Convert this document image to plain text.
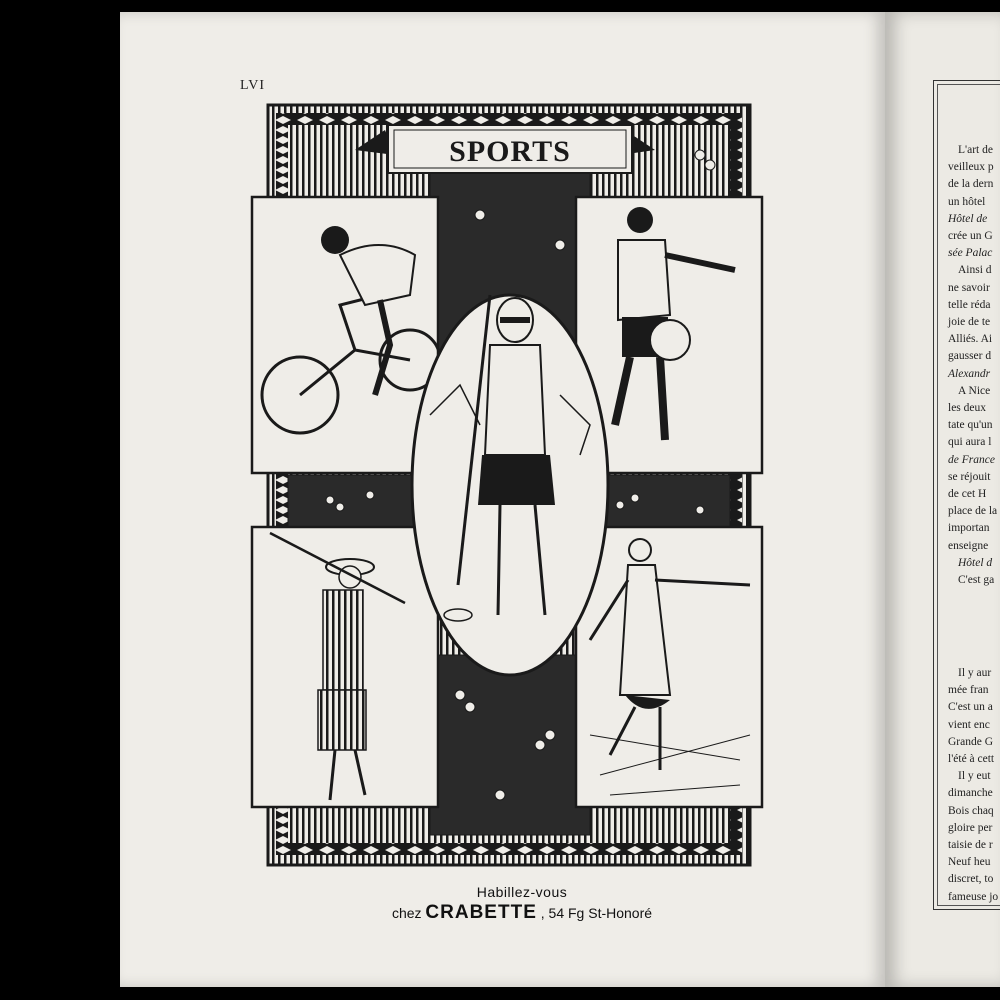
LVI
SPORTS
Habillez-vous
chez CRABETTE , 54 Fg St-Honoré
L'art de
veilleux p
de la dern
un hôtel
Hôtel de
crée un G
sée Palac
Ainsi d
ne savoir
telle réda
joie de te
Alliés. Ai
gausser d
Alexandr
A Nice
les deux
tate qu'un
qui aura l
de France
se réjouit
de cet H
place de la
importan
enseigne
Hôtel d
C'est ga
Il y aur
mée fran
C'est un a
vient enc
Grande G
l'été à cett
Il y eut
dimanche
Bois chaq
gloire per
taisie de r
Neuf heu
discret, to
fameuse jo
